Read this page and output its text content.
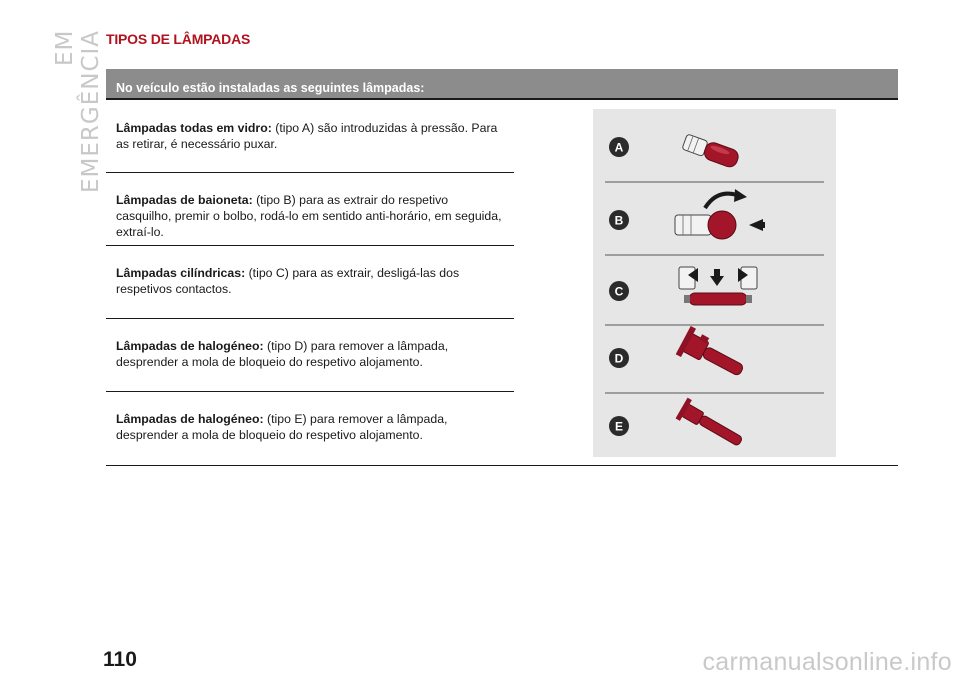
EM EMERGÊNCIA TIPOS DE LÂMPADAS
No veículo estão instaladas as seguintes lâmpadas:
Lâmpadas todas em vidro: (tipo A) são introduzidas à pressão. Para as retirar, é necessário puxar.
Lâmpadas de baioneta: (tipo B) para as extrair do respetivo casquilho, premir o bolbo, rodá-lo em sentido anti-horário, em seguida, extraí-lo.
Lâmpadas cilíndricas: (tipo C) para as extrair, desligá-las dos respetivos contactos.
Lâmpadas de halogéneo: (tipo D) para remover a lâmpada, desprender a mola de bloqueio do respetivo alojamento.
Lâmpadas de halogéneo: (tipo E) para remover a lâmpada, desprender a mola de bloqueio do respetivo alojamento.
A
B
C
D
E
110	carmanualsonline.info
